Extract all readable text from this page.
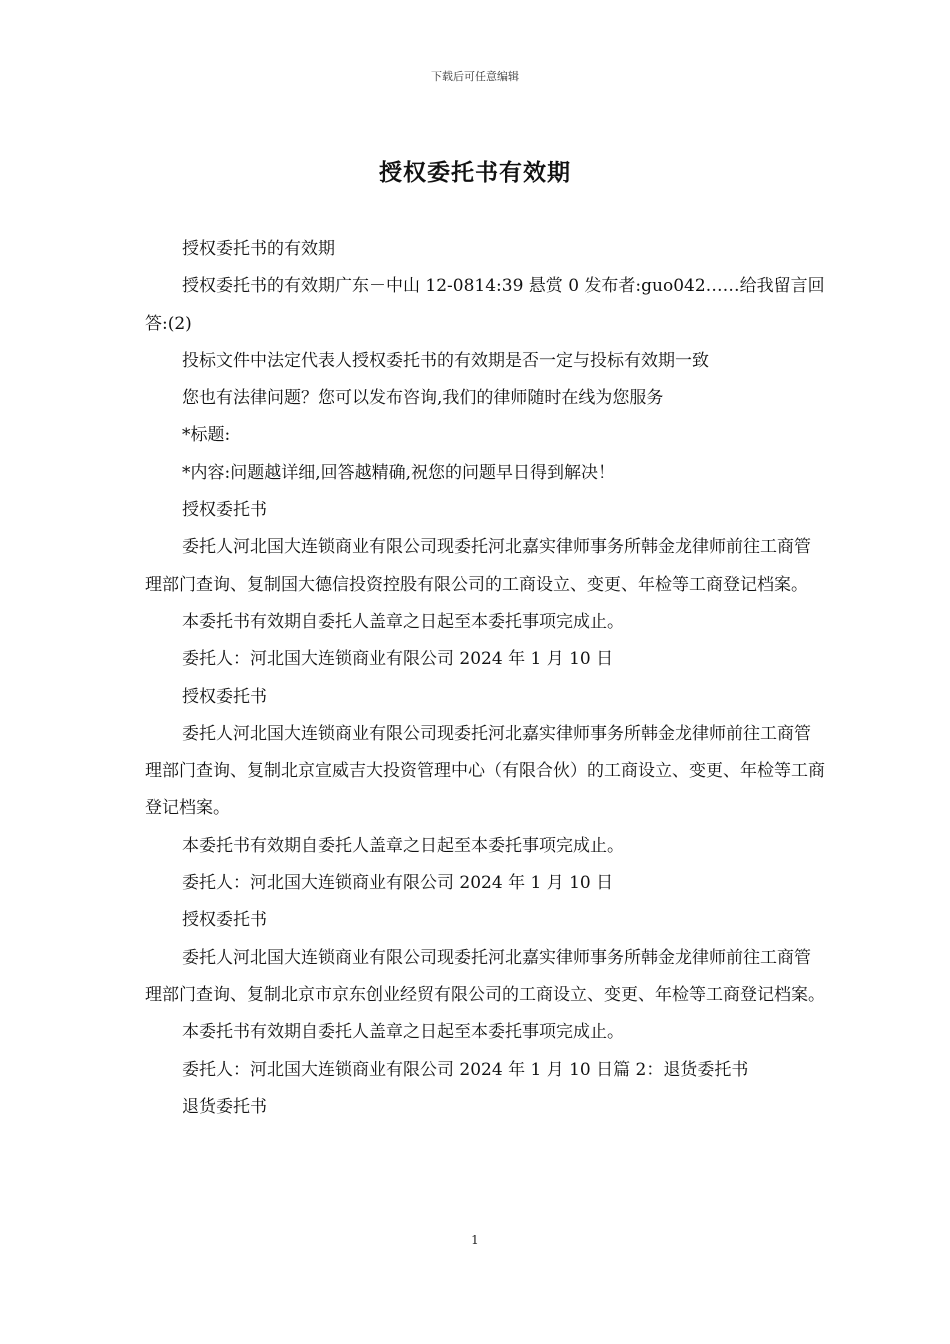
下载后可任意编辑
授权委托书有效期

授权委托书的有效期

授权委托书的有效期广东－中山 12-0814:39 悬赏 0 发布者:guo042……给我留言回答:(2)

投标文件中法定代表人授权委托书的有效期是否一定与投标有效期一致

您也有法律问题？您可以发布咨询,我们的律师随时在线为您服务

*标题:

*内容:问题越详细,回答越精确,祝您的问题早日得到解决！

授权委托书

委托人河北国大连锁商业有限公司现委托河北嘉实律师事务所韩金龙律师前往工商管理部门查询、复制国大德信投资控股有限公司的工商设立、变更、年检等工商登记档案。

本委托书有效期自委托人盖章之日起至本委托事项完成止。

委托人：河北国大连锁商业有限公司 2024 年 1 月 10 日

授权委托书

委托人河北国大连锁商业有限公司现委托河北嘉实律师事务所韩金龙律师前往工商管理部门查询、复制北京宣威吉大投资管理中心（有限合伙）的工商设立、变更、年检等工商登记档案。

本委托书有效期自委托人盖章之日起至本委托事项完成止。

委托人：河北国大连锁商业有限公司 2024 年 1 月 10 日

授权委托书

委托人河北国大连锁商业有限公司现委托河北嘉实律师事务所韩金龙律师前往工商管理部门查询、复制北京市京东创业经贸有限公司的工商设立、变更、年检等工商登记档案。

本委托书有效期自委托人盖章之日起至本委托事项完成止。

委托人：河北国大连锁商业有限公司 2024 年 1 月 10 日篇 2：退货委托书

退货委托书

1
